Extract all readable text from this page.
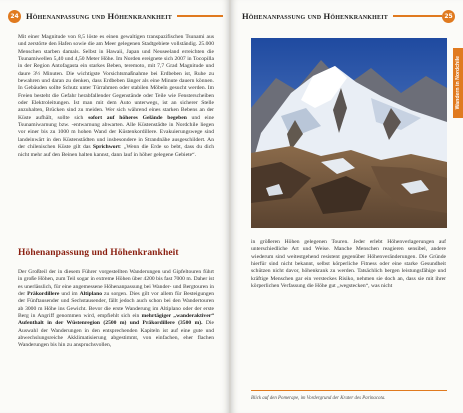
24 Höhenanpassung und Höhenkrankheit
Mit einer Magnitude von 8,5 löste es einen gewaltigen transpazifischen Tsunami aus und zerstörte den Hafen sowie die am Meer gelegenen Stadtgebiete vollständig. 25.000 Menschen starben damals. Selbst in Hawaii, Japan und Neuseeland erreichten die Tsunamiwellen 5,40 und 4,50 Meter Höhe. Im Norden ereignete sich 2007 in Tocopilla in der Region Antofagasta ein starkes Beben, teremoto, mit 7,7 Grad Magnitude und daure 3½ Minuten. Die wichtigste Vorsichtsmaßnahme bei Erdbeben ist, Ruhe zu bewahren und daran zu denken, dass Erdbeben länger als eine Minute dauern können. In Gebäuden sollte Schutz unter Türrahmen oder stabilen Möbeln gesucht werden. Im Freien besteht die Gefahr herabfallender Gegenstände oder Teile wie Fensterscheiben oder Elektroleitungen. Ist man mit dem Auto unterwegs, ist an sicherer Stelle anzuhalten, Brücken sind zu meiden. Wer sich während eines starken Bebens an der Küste aufhält, sollte sich sofort auf höheres Gelände begeben und eine Tsunamiwarnung bzw. -entwarnung abwarten. Alle Küstenstädte in Nordchile liegen vor einer bis zu 1000 m hohen Wand der Küstenkordillere. Evakuierungswege sind landeinwärt in den Küstenstädten und insbesondere in Strandnähe ausgeschildert. An der chilenischen Küste gilt das Sprichwort: „Wenn die Erde so bebt, dass du dich nicht mehr auf den Beinen halten kannst, dann lauf in höher gelegene Gebiete“.
Höhenanpassung und Höhenkrankheit
Der Großteil der in diesem Führer vorgestellten Wanderungen und Gipfeltouren führt in große Höhen, zum Teil sogar in extreme Höhen über 4200 bis fast 7000 m. Daher ist es unerlässlich, für eine angemessene Höhenanpassung bei Wander- und Bergtouren in der Präkordillere und im Altiplano zu sorgen. Dies gilt vor allem für Besteigungen der Fünftausender und Sechstausender, fällt jedoch auch schon bei den Wandertouren ab 3000 m Höhe ins Gewicht. Bevor die erste Wanderung im Altiplano oder der erste Berg in Angriff genommen wird, empfiehlt sich ein mehrtägiger „wanderaktiver“ Aufenthalt in der Wüstenregion (2500 m) und Präkordillere (3500 m). Die Auswahl der Wanderungen in den entsprechenden Kapiteln ist auf eine gute und abwechslungsreiche Akklimatisierung abgestimmt, von einfachen, eher flachen Wanderungen bis hin zu anspruchsvollen,
Höhenanpassung und Höhenkrankheit	25
Wandern in Nordchile
in größeren Höhen gelegenen Touren. Jeder erlebt Höhenverlagerungen auf unterschiedliche Art und Weise. Manche Menschen reagieren sensibel, andere wiederum sind weitestgehend resistent gegenüber Höhenveränderungen. Die Gründe hierfür sind nicht bekannt, selbst körperliche Fitness oder eine starke Gesundheit schützen nicht davor, höhenkrank zu werden. Tatsächlich bergen leistungsfähige und kräftige Menschen gar ein versteckes Risiko, nehmen sie doch an, dass sie mit ihrer körperlichen Verfassung die Höhe gut „wegstecken“, was nicht
Blick auf den Pomerape, im Vordergrund der Krater des Parinacota.
